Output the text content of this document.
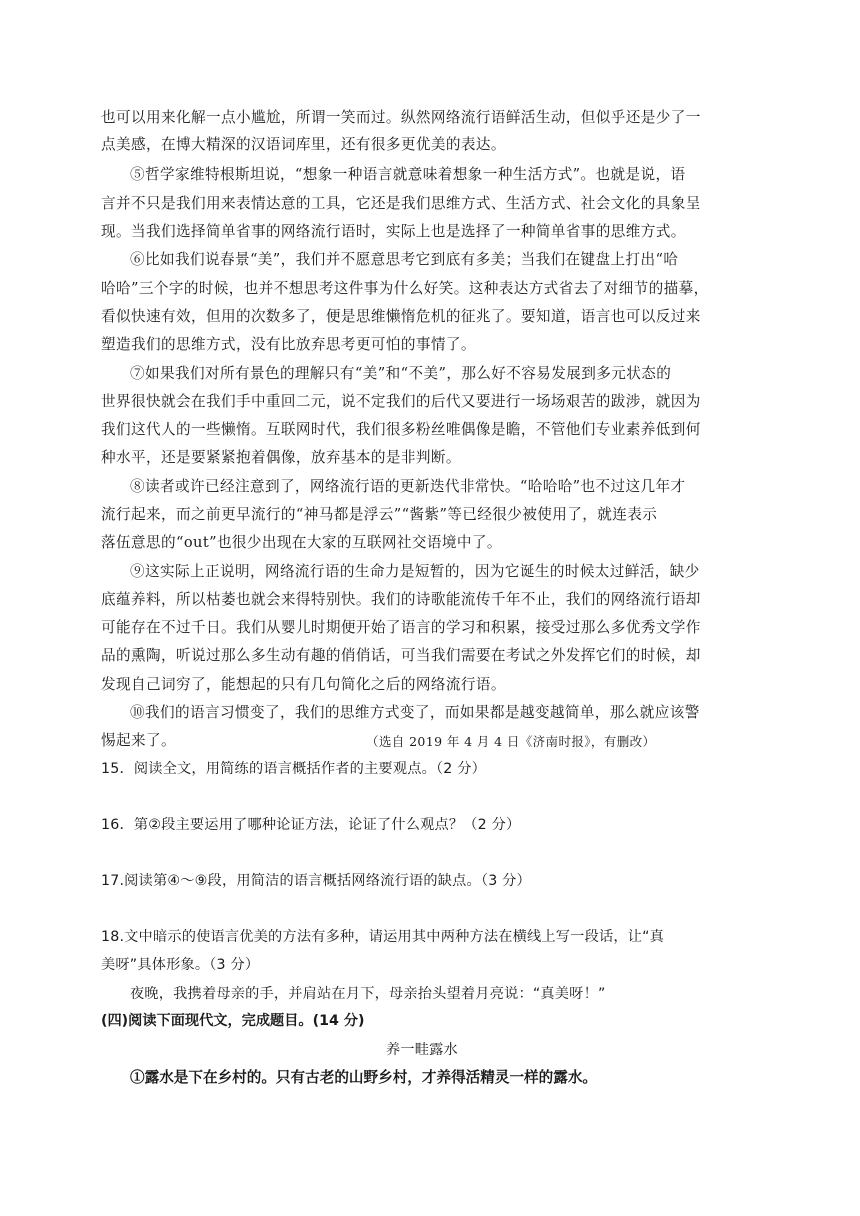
也可以用来化解一点小尴尬，所谓一笑而过。纵然网络流行语鲜活生动，但似乎还是少了一
点美感，在博大精深的汉语词库里，还有很多更优美的表达。
⑤哲学家维特根斯坦说，“想象一种语言就意味着想象一种生活方式”。也就是说，语
言并不只是我们用来表情达意的工具，它还是我们思维方式、生活方式、社会文化的具象呈
现。当我们选择简单省事的网络流行语时，实际上也是选择了一种简单省事的思维方式。
⑥比如我们说春景“美”，我们并不愿意思考它到底有多美；当我们在键盘上打出“哈
哈哈”三个字的时候，也并不想思考这件事为什么好笑。这种表达方式省去了对细节的描摹，
看似快速有效，但用的次数多了，便是思维懒惰危机的征兆了。要知道，语言也可以反过来
塑造我们的思维方式，没有比放弃思考更可怕的事情了。
⑦如果我们对所有景色的理解只有“美”和“不美”，那么好不容易发展到多元状态的
世界很快就会在我们手中重回二元，说不定我们的后代又要进行一场场艰苦的跋涉，就因为
我们这代人的一些懒惰。互联网时代，我们很多粉丝唯偶像是瞻，不管他们专业素养低到何
种水平，还是要紧紧抱着偶像，放弃基本的是非判断。
⑧读者或许已经注意到了，网络流行语的更新迭代非常快。“哈哈哈”也不过这几年才
流行起来，而之前更早流行的“神马都是浮云”“酱紫”等已经很少被使用了，就连表示
落伍意思的“out”也很少出现在大家的互联网社交语境中了。
⑨这实际上正说明，网络流行语的生命力是短暂的，因为它诞生的时候太过鲜活，缺少
底蕴养料，所以枯萎也就会来得特别快。我们的诗歌能流传千年不止，我们的网络流行语却
可能存在不过千日。我们从婴儿时期便开始了语言的学习和积累，接受过那么多优秀文学作
品的熏陶，听说过那么多生动有趣的俏俏话，可当我们需要在考试之外发挥它们的时候，却
发现自己词穷了，能想起的只有几句简化之后的网络流行语。
⑩我们的语言习惯变了，我们的思维方式变了，而如果都是越变越简单，那么就应该警
惕起来了。	（选自 2019 年 4 月 4 日《济南时报》，有删改）
15．阅读全文，用简练的语言概括作者的主要观点。（2 分）
16．第②段主要运用了哪种论证方法，论证了什么观点？（2 分）
17.阅读第④～⑨段，用简洁的语言概括网络流行语的缺点。（3 分）
18.文中暗示的使语言优美的方法有多种，请运用其中两种方法在横线上写一段话，让“真
美呀”具体形象。（3 分）
夜晚，我携着母亲的手，并肩站在月下，母亲抬头望着月亮说：“真美呀！”
(四)阅读下面现代文，完成题目。(14 分)
养一畦露水
①露水是下在乡村的。只有古老的山野乡村，才养得活精灵一样的露水。
